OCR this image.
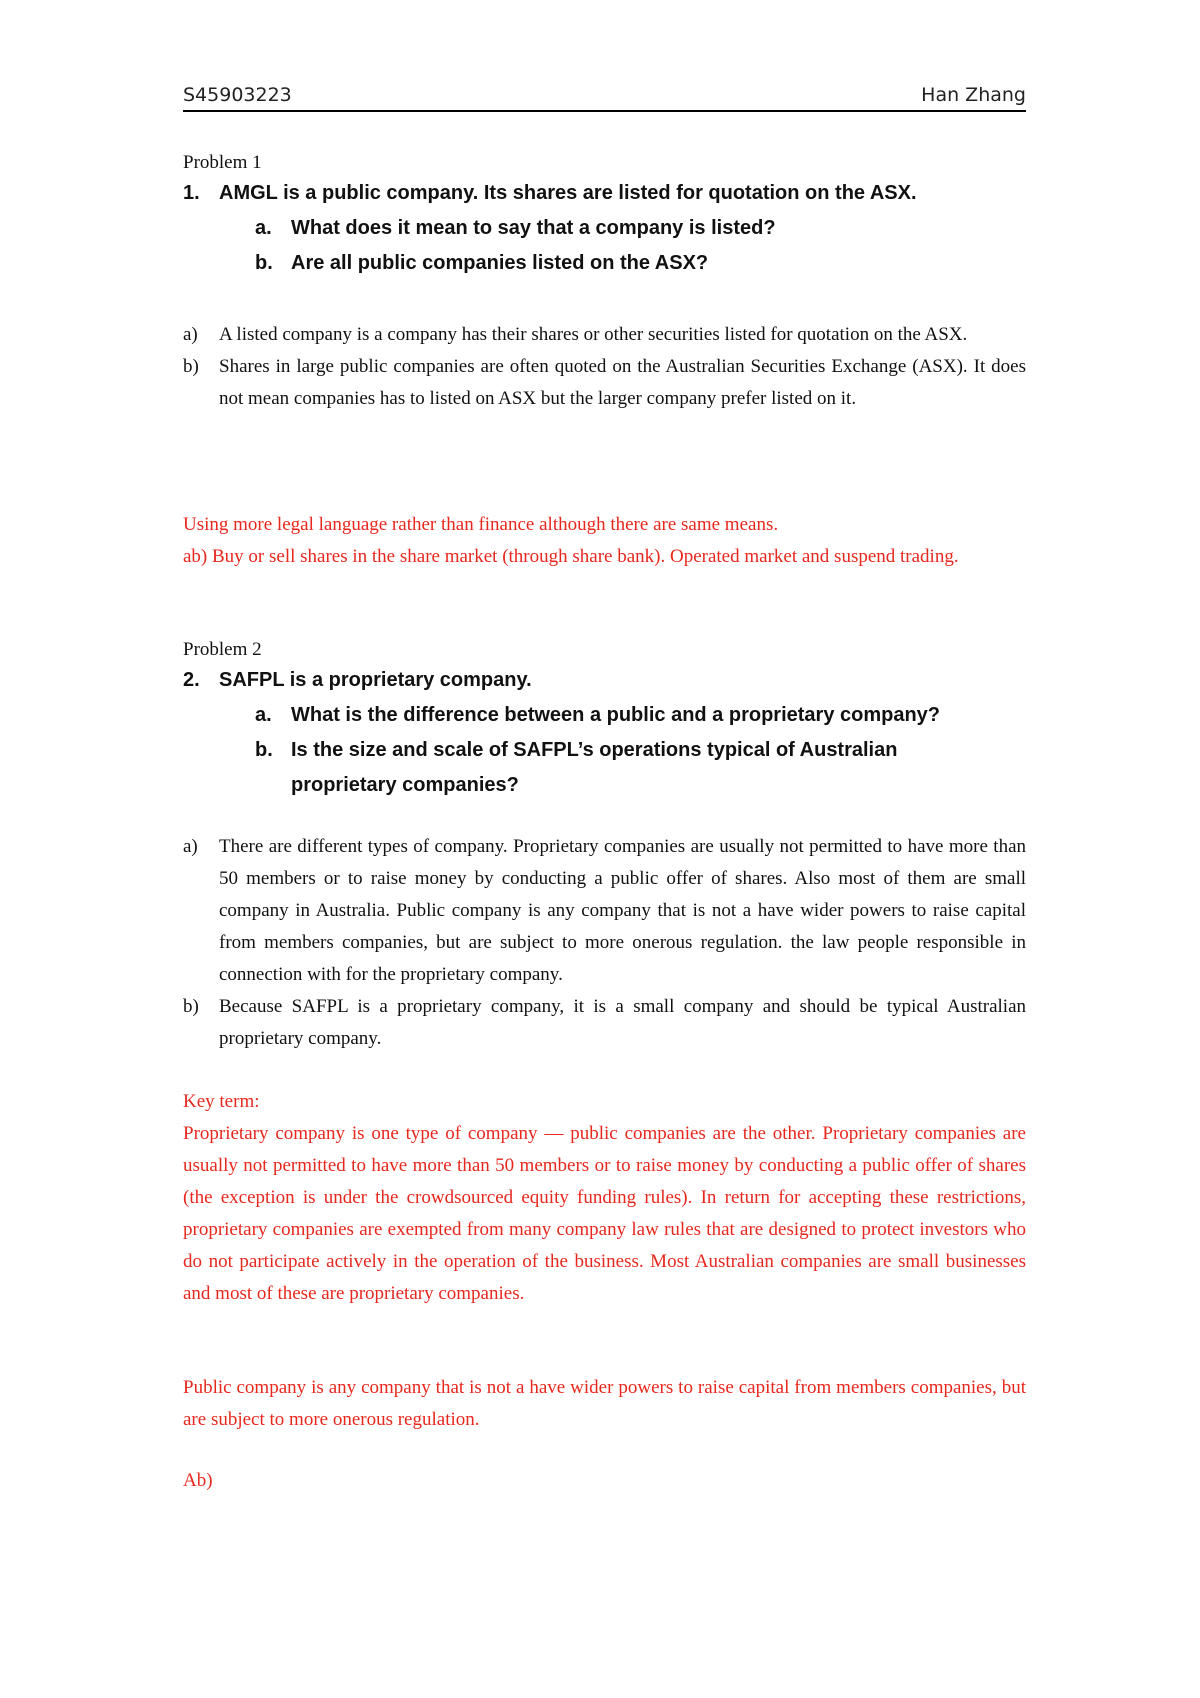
S45903223	Han Zhang
Problem 1
1. AMGL is a public company. Its shares are listed for quotation on the ASX.
a. What does it mean to say that a company is listed?
b. Are all public companies listed on the ASX?
a) A listed company is a company has their shares or other securities listed for quotation on the ASX.
b) Shares in large public companies are often quoted on the Australian Securities Exchange (ASX). It does not mean companies has to listed on ASX but the larger company prefer listed on it.
Using more legal language rather than finance although there are same means.
ab) Buy or sell shares in the share market (through share bank). Operated market and suspend trading.
Problem 2
2. SAFPL is a proprietary company.
a. What is the difference between a public and a proprietary company?
b. Is the size and scale of SAFPL’s operations typical of Australian
proprietary companies?
a) There are different types of company. Proprietary companies are usually not permitted to have more than 50 members or to raise money by conducting a public offer of shares. Also most of them are small company in Australia. Public company is any company that is not a have wider powers to raise capital from members companies, but are subject to more onerous regulation. the law people responsible in connection with for the proprietary company.
b) Because SAFPL is a proprietary company, it is a small company and should be typical Australian proprietary company.
Key term:
Proprietary company is one type of company — public companies are the other. Proprietary companies are usually not permitted to have more than 50 members or to raise money by conducting a public offer of shares (the exception is under the crowdsourced equity funding rules). In return for accepting these restrictions, proprietary companies are exempted from many company law rules that are designed to protect investors who do not participate actively in the operation of the business. Most Australian companies are small businesses and most of these are proprietary companies.
Public company is any company that is not a have wider powers to raise capital from members companies, but are subject to more onerous regulation.
Ab)
